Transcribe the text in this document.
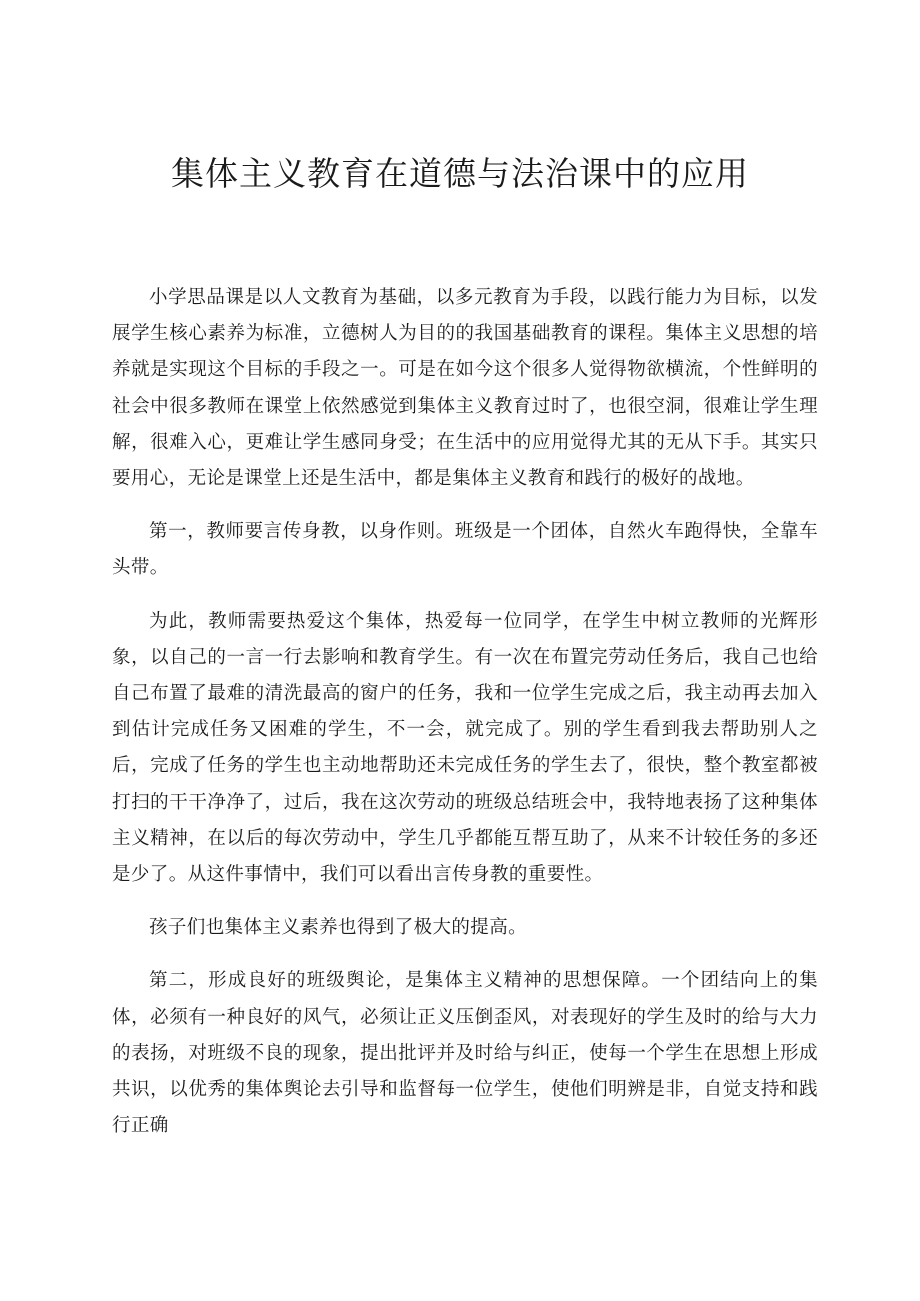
集体主义教育在道德与法治课中的应用

小学思品课是以人文教育为基础，以多元教育为手段，以践行能力为目标，以发展学生核心素养为标准，立德树人为目的的我国基础教育的课程。集体主义思想的培养就是实现这个目标的手段之一。可是在如今这个很多人觉得物欲横流，个性鲜明的社会中很多教师在课堂上依然感觉到集体主义教育过时了，也很空洞，很难让学生理解，很难入心，更难让学生感同身受；在生活中的应用觉得尤其的无从下手。其实只要用心，无论是课堂上还是生活中，都是集体主义教育和践行的极好的战地。

第一，教师要言传身教，以身作则。班级是一个团体，自然火车跑得快，全靠车头带。

为此，教师需要热爱这个集体，热爱每一位同学，在学生中树立教师的光辉形象，以自己的一言一行去影响和教育学生。有一次在布置完劳动任务后，我自己也给自己布置了最难的清洗最高的窗户的任务，我和一位学生完成之后，我主动再去加入到估计完成任务又困难的学生，不一会，就完成了。别的学生看到我去帮助别人之后，完成了任务的学生也主动地帮助还未完成任务的学生去了，很快，整个教室都被打扫的干干净净了，过后，我在这次劳动的班级总结班会中，我特地表扬了这种集体主义精神，在以后的每次劳动中，学生几乎都能互帮互助了，从来不计较任务的多还是少了。从这件事情中，我们可以看出言传身教的重要性。

孩子们也集体主义素养也得到了极大的提高。

第二，形成良好的班级舆论，是集体主义精神的思想保障。一个团结向上的集体，必须有一种良好的风气，必须让正义压倒歪风，对表现好的学生及时的给与大力的表扬，对班级不良的现象，提出批评并及时给与纠正，使每一个学生在思想上形成共识，以优秀的集体舆论去引导和监督每一位学生，使他们明辨是非，自觉支持和践行正确
